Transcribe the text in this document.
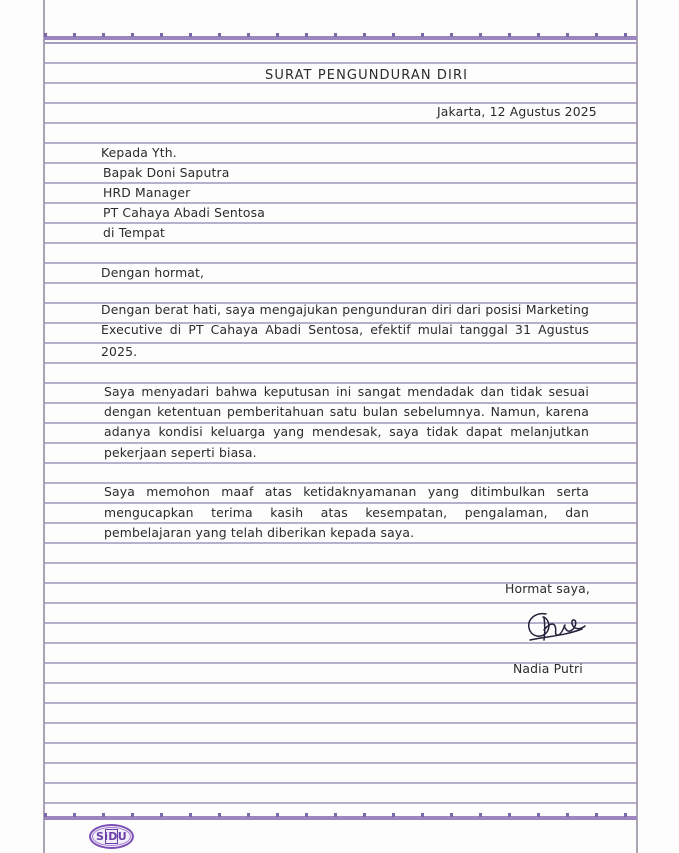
SURAT PENGUNDURAN DIRI
Jakarta, 12 Agustus 2025
Kepada Yth.
Bapak Doni Saputra
HRD Manager
PT Cahaya Abadi Sentosa
di Tempat
Dengan hormat,
Dengan berat hati, saya mengajukan pengunduran diri dari posisi Marketing
Executive di PT Cahaya Abadi Sentosa, efektif mulai tanggal 31 Agustus
2025.
Saya menyadari bahwa keputusan ini sangat mendadak dan tidak sesuai
dengan ketentuan pemberitahuan satu bulan sebelumnya. Namun, karena
adanya kondisi keluarga yang mendesak, saya tidak dapat melanjutkan
pekerjaan seperti biasa.
Saya memohon maaf atas ketidaknyamanan yang ditimbulkan serta
mengucapkan terima kasih atas kesempatan, pengalaman, dan
pembelajaran yang telah diberikan kepada saya.
Hormat saya,
Nadia Putri
SiDU
